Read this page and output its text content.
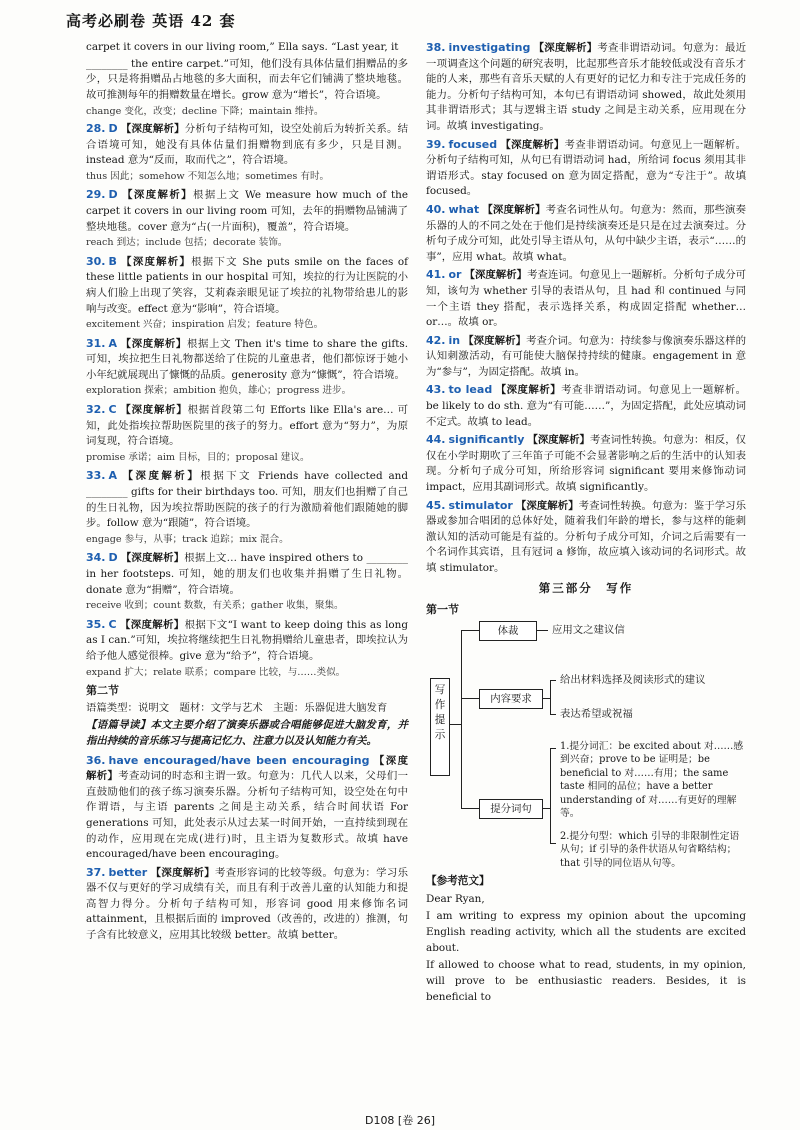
高考必刷卷 英语 42 套

carpet it covers in our living room,” Ella says. “Last year, it

________ the entire carpet.”可知，他们没有具体估量们捐赠品的多少，只是将捐赠品占地毯的多大面积，而去年它们铺满了整块地毯。故可推测每年的捐赠数量在增长。grow 意为“增长”，符合语境。

change 变化，改变；decline 下降；maintain 维持。

28. D 【深度解析】分析句子结构可知，设空处前后为转折关系。结合语境可知，她没有具体估量们捐赠物到底有多少，只是目测。instead 意为“反而，取而代之”，符合语境。
thus 因此；somehow 不知怎么地；sometimes 有时。
29. D 【深度解析】根据上文 We measure how much of the carpet it covers in our living room 可知，去年的捐赠物品铺满了整块地毯。cover 意为“占(一片面积)，覆盖”，符合语境。
reach 到达；include 包括；decorate 装饰。
30. B 【深度解析】根据下文 She puts smile on the faces of these little patients in our hospital 可知，埃拉的行为让医院的小病人们脸上出现了笑容，艾莉森亲眼见证了埃拉的礼物带给患儿的影响与改变。effect 意为“影响”，符合语境。
excitement 兴奋；inspiration 启发；feature 特色。
31. A 【深度解析】根据上文 Then it's time to share the gifts. 可知，埃拉把生日礼物都送给了住院的儿童患者，他们都惊讶于她小小年纪就展现出了慷慨的品质。generosity 意为“慷慨”，符合语境。
exploration 探索；ambition 抱负，雄心；progress 进步。
32. C 【深度解析】根据首段第二句 Efforts like Ella's are… 可知，此处指埃拉帮助医院里的孩子的努力。effort 意为“努力”，为原词复现，符合语境。
promise 承诺；aim 目标，目的；proposal 建议。
33. A 【深度解析】根据下文 Friends have collected and ________ gifts for their birthdays too. 可知，朋友们也捐赠了自己的生日礼物，因为埃拉帮助医院的孩子的行为激励着他们跟随她的脚步。follow 意为“跟随”，符合语境。
engage 参与，从事；track 追踪；mix 混合。
34. D 【深度解析】根据上文… have inspired others to ________ in her footsteps. 可知，她的朋友们也收集并捐赠了生日礼物。donate 意为“捐赠”，符合语境。
receive 收到；count 数数，有关系；gather 收集，聚集。
35. C 【深度解析】根据下文“I want to keep doing this as long as I can.”可知，埃拉将继续把生日礼物捐赠给儿童患者，即埃拉认为给予他人感觉很棒。give 意为“给予”，符合语境。
expand 扩大；relate 联系；compare 比较，与……类似。
第二节
语篇类型：说明文　题材：文学与艺术　主题：乐器促进大脑发育
【语篇导读】本文主要介绍了演奏乐器或合唱能够促进大脑发育，并指出持续的音乐练习与提高记忆力、注意力以及认知能力有关。
36. have encouraged/have been encouraging 【深度解析】考查动词的时态和主谓一致。句意为：几代人以来，父母们一直鼓励他们的孩子练习演奏乐器。分析句子结构可知，设空处在句中作谓语，与主语 parents 之间是主动关系，结合时间状语 For generations 可知，此处表示从过去某一时间开始，一直持续到现在的动作，应用现在完成(进行)时，且主语为复数形式。故填 have encouraged/have been encouraging。
37. better 【深度解析】考查形容词的比较等级。句意为：学习乐器不仅与更好的学习成绩有关，而且有利于改善儿童的认知能力和提高智力得分。分析句子结构可知，形容词 good 用来修饰名词 attainment，且根据后面的 improved（改善的，改进的）推测，句子含有比较意义，应用其比较级 better。故填 better。
38. investigating 【深度解析】考查非谓语动词。句意为：最近一项调查这个问题的研究表明，比起那些音乐才能较低或没有音乐才能的人来，那些有音乐天赋的人有更好的记忆力和专注于完成任务的能力。分析句子结构可知，本句已有谓语动词 showed，故此处须用其非谓语形式；其与逻辑主语 study 之间是主动关系，应用现在分词。故填 investigating。
39. focused 【深度解析】考查非谓语动词。句意见上一题解析。分析句子结构可知，从句已有谓语动词 had，所给词 focus 须用其非谓语形式。stay focused on 意为固定搭配，意为“专注于”。故填 focused。
40. what 【深度解析】考查名词性从句。句意为：然而，那些演奏乐器的人的不同之处在于他们是持续演奏还是只是在过去演奏过。分析句子成分可知，此处引导主语从句，从句中缺少主语，表示“……的事”，应用 what。故填 what。
41. or 【深度解析】考查连词。句意见上一题解析。分析句子成分可知，该句为 whether 引导的表语从句，且 had 和 continued 与同一个主语 they 搭配，表示选择关系，构成固定搭配 whether… or…。故填 or。
42. in 【深度解析】考查介词。句意为：持续参与像演奏乐器这样的认知刺激活动，有可能使大脑保持持续的健康。engagement in 意为“参与”，为固定搭配。故填 in。
43. to lead 【深度解析】考查非谓语动词。句意见上一题解析。be likely to do sth. 意为“有可能……”，为固定搭配，此处应填动词不定式。故填 to lead。
44. significantly 【深度解析】考查词性转换。句意为：相反，仅仅在小学时期吹了三年笛子可能不会显著影响之后的生活中的认知表现。分析句子成分可知，所给形容词 significant 要用来修饰动词 impact，应用其副词形式。故填 significantly。
45. stimulator 【深度解析】考查词性转换。句意为：鉴于学习乐器或参加合唱团的总体好处，随着我们年龄的增长，参与这样的能刺激认知的活动可能是有益的。分析句子成分可知，介词之后需要有一个名词作其宾语，且有冠词 a 修饰，故应填入该动词的名词形式。故填 stimulator。
第三部分　写作
第一节
写作提示
体裁	应用文之建议信
内容要求
给出材料选择及阅读形式的建议
表达希望或祝福
提分词句
1.提分词汇：be excited about 对……感到兴奋；prove to be 证明是；be beneficial to 对……有用；the same taste 相同的品位；have a better understanding of 对……有更好的理解等。
2.提分句型：which 引导的非限制性定语从句；if 引导的条件状语从句省略结构；that 引导的同位语从句等。
【参考范文】

Dear Ryan,

I am writing to express my opinion about the upcoming English reading activity, which all the students are excited about.

If allowed to choose what to read, students, in my opinion, will prove to be enthusiastic readers. Besides, it is beneficial to

D108 [卷 26]
